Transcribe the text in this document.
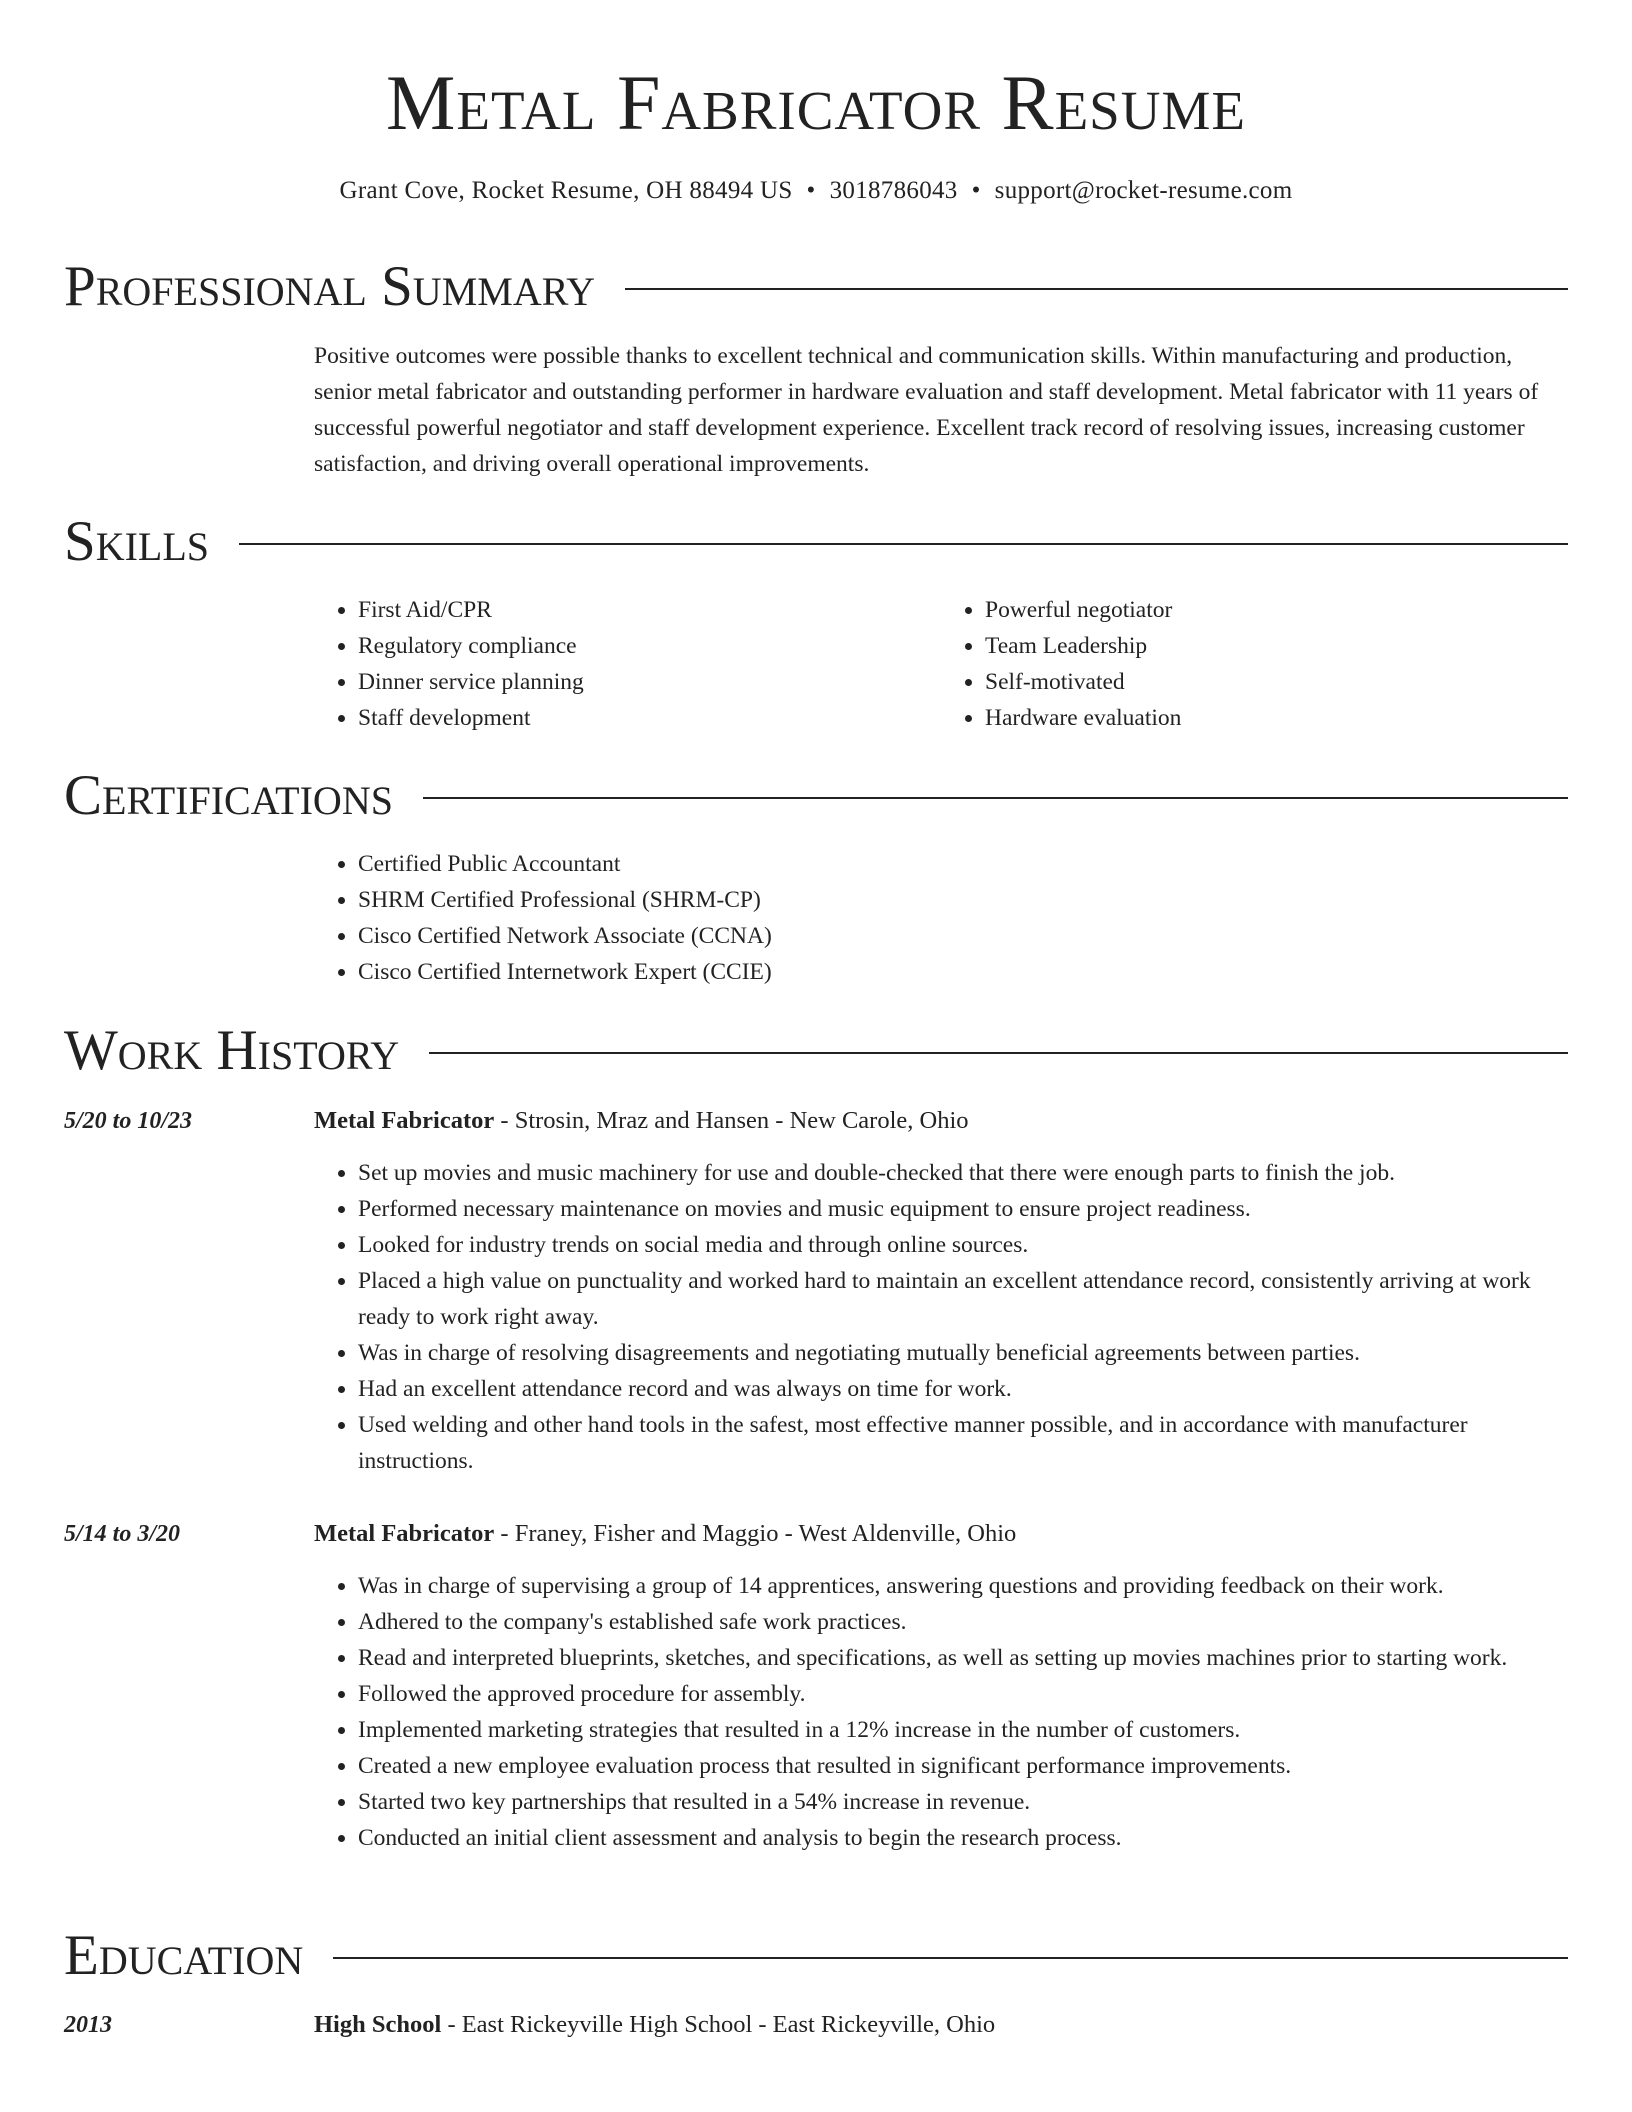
Metal Fabricator Resume
Grant Cove, Rocket Resume, OH 88494 US • 3018786043 • support@rocket-resume.com
Professional Summary

Positive outcomes were possible thanks to excellent technical and communication skills. Within manufacturing and production, senior metal fabricator and outstanding performer in hardware evaluation and staff development. Metal fabricator with 11 years of successful powerful negotiator and staff development experience. Excellent track record of resolving issues, increasing customer satisfaction, and driving overall operational improvements.

Skills
• First Aid/CPR
• Regulatory compliance
• Dinner service planning
• Staff development
• Powerful negotiator
• Team Leadership
• Self-motivated
• Hardware evaluation
Certifications
• Certified Public Accountant
• SHRM Certified Professional (SHRM-CP)
• Cisco Certified Network Associate (CCNA)
• Cisco Certified Internetwork Expert (CCIE)
Work History
5/20 to 10/23	Metal Fabricator - Strosin, Mraz and Hansen - New Carole, Ohio

• Set up movies and music machinery for use and double-checked that there were enough parts to finish the job.
• Performed necessary maintenance on movies and music equipment to ensure project readiness.
• Looked for industry trends on social media and through online sources.
• Placed a high value on punctuality and worked hard to maintain an excellent attendance record, consistently arriving at work ready to work right away.
• Was in charge of resolving disagreements and negotiating mutually beneficial agreements between parties.
• Had an excellent attendance record and was always on time for work.
• Used welding and other hand tools in the safest, most effective manner possible, and in accordance with manufacturer instructions.
5/14 to 3/20	Metal Fabricator - Franey, Fisher and Maggio - West Aldenville, Ohio

• Was in charge of supervising a group of 14 apprentices, answering questions and providing feedback on their work.
• Adhered to the company's established safe work practices.
• Read and interpreted blueprints, sketches, and specifications, as well as setting up movies machines prior to starting work.
• Followed the approved procedure for assembly.
• Implemented marketing strategies that resulted in a 12% increase in the number of customers.
• Created a new employee evaluation process that resulted in significant performance improvements.
• Started two key partnerships that resulted in a 54% increase in revenue.
• Conducted an initial client assessment and analysis to begin the research process.
Education
2013	High School - East Rickeyville High School - East Rickeyville, Ohio
